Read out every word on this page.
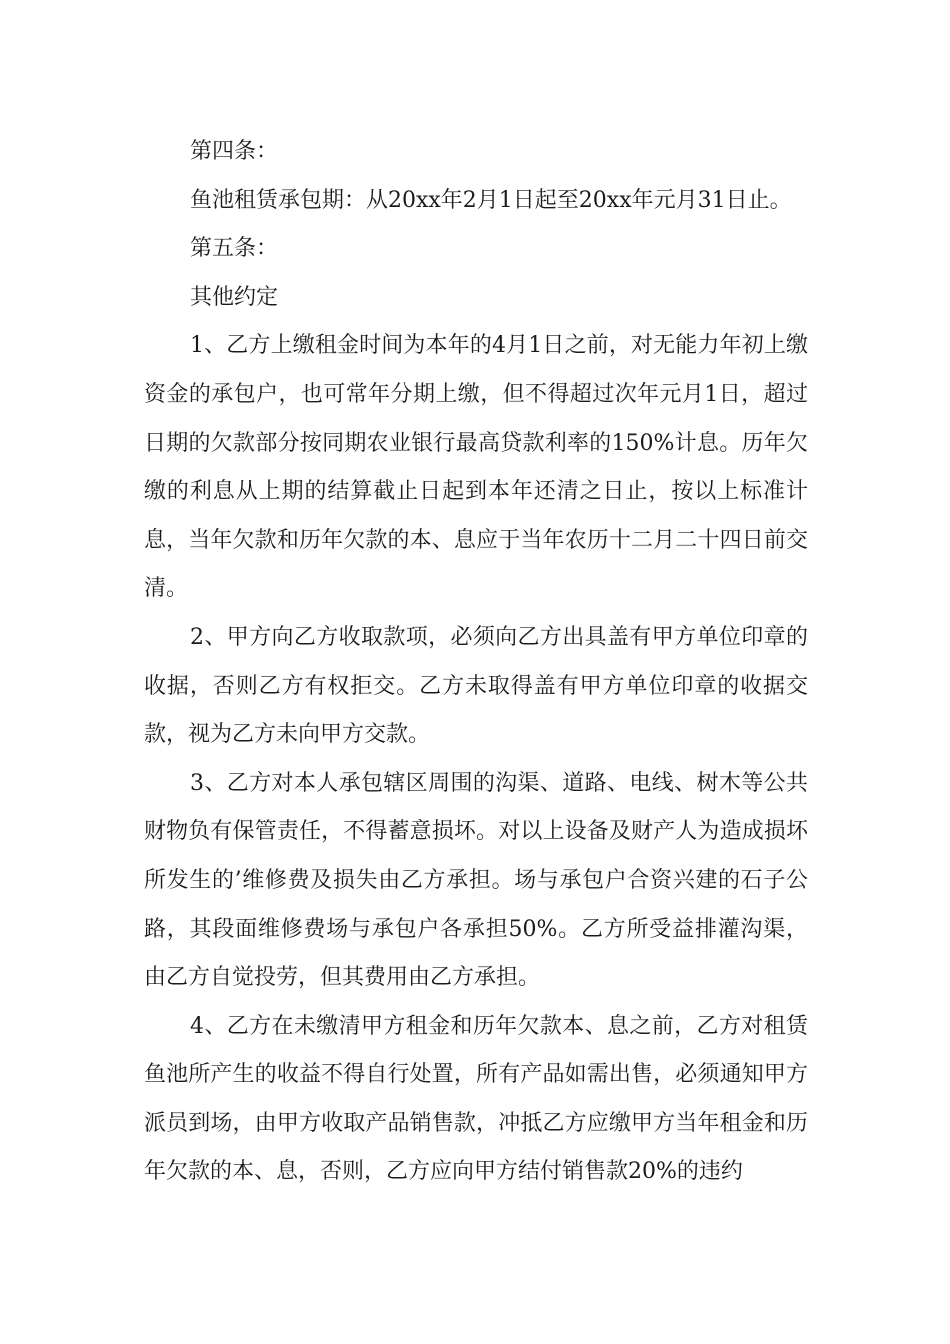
第四条：

鱼池租赁承包期：从20xx年2月1日起至20xx年元月31日止。

第五条：

其他约定

1、乙方上缴租金时间为本年的4月1日之前，对无能力年初上缴资金的承包户，也可常年分期上缴，但不得超过次年元月1日，超过日期的欠款部分按同期农业银行最高贷款利率的150%计息。历年欠缴的利息从上期的结算截止日起到本年还清之日止，按以上标准计息，当年欠款和历年欠款的本、息应于当年农历十二月二十四日前交清。

2、甲方向乙方收取款项，必须向乙方出具盖有甲方单位印章的收据，否则乙方有权拒交。乙方未取得盖有甲方单位印章的收据交款，视为乙方未向甲方交款。

3、乙方对本人承包辖区周围的沟渠、道路、电线、树木等公共财物负有保管责任，不得蓄意损坏。对以上设备及财产人为造成损坏所发生的’维修费及损失由乙方承担。场与承包户合资兴建的石子公路，其段面维修费场与承包户各承担50%。乙方所受益排灌沟渠，由乙方自觉投劳，但其费用由乙方承担。

4、乙方在未缴清甲方租金和历年欠款本、息之前，乙方对租赁鱼池所产生的收益不得自行处置，所有产品如需出售，必须通知甲方派员到场，由甲方收取产品销售款，冲抵乙方应缴甲方当年租金和历年欠款的本、息，否则，乙方应向甲方结付销售款20%的违约
